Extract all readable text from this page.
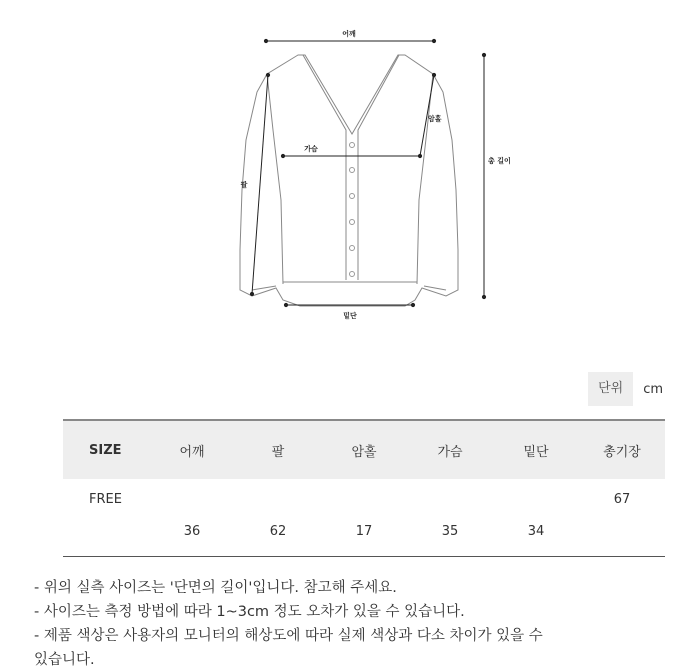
어깨
암홀
가슴
총 길이
팔
밑단
단위	cm
SIZE	어깨	팔	암홀	가슴	밑단	총기장
FREE	36	62	17	35	34	67
- 위의 실측 사이즈는 '단면의 길이'입니다. 참고해 주세요.
- 사이즈는 측정 방법에 따라 1~3cm 정도 오차가 있을 수 있습니다.
- 제품 색상은 사용자의 모니터의 해상도에 따라 실제 색상과 다소 차이가 있을 수
있습니다.
